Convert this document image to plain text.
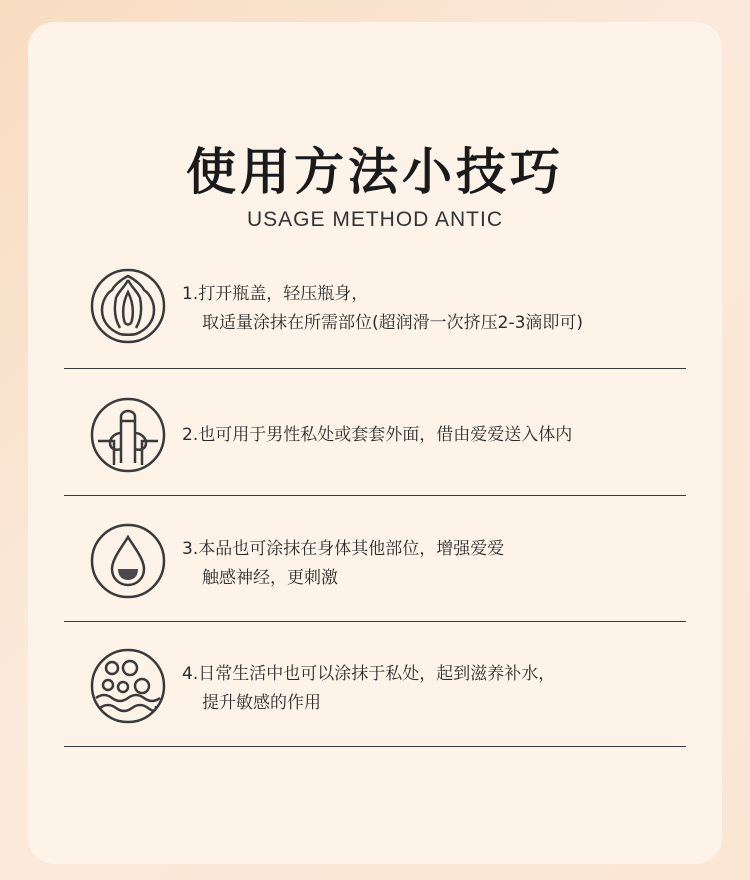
使用方法小技巧
USAGE METHOD ANTIC
1.打开瓶盖，轻压瓶身，
取适量涂抹在所需部位(超润滑一次挤压2-3滴即可)
2.也可用于男性私处或套套外面，借由爱爱送入体内
3.本品也可涂抹在身体其他部位，增强爱爱
触感神经，更刺激
4.日常生活中也可以涂抹于私处，起到滋养补水，
提升敏感的作用
